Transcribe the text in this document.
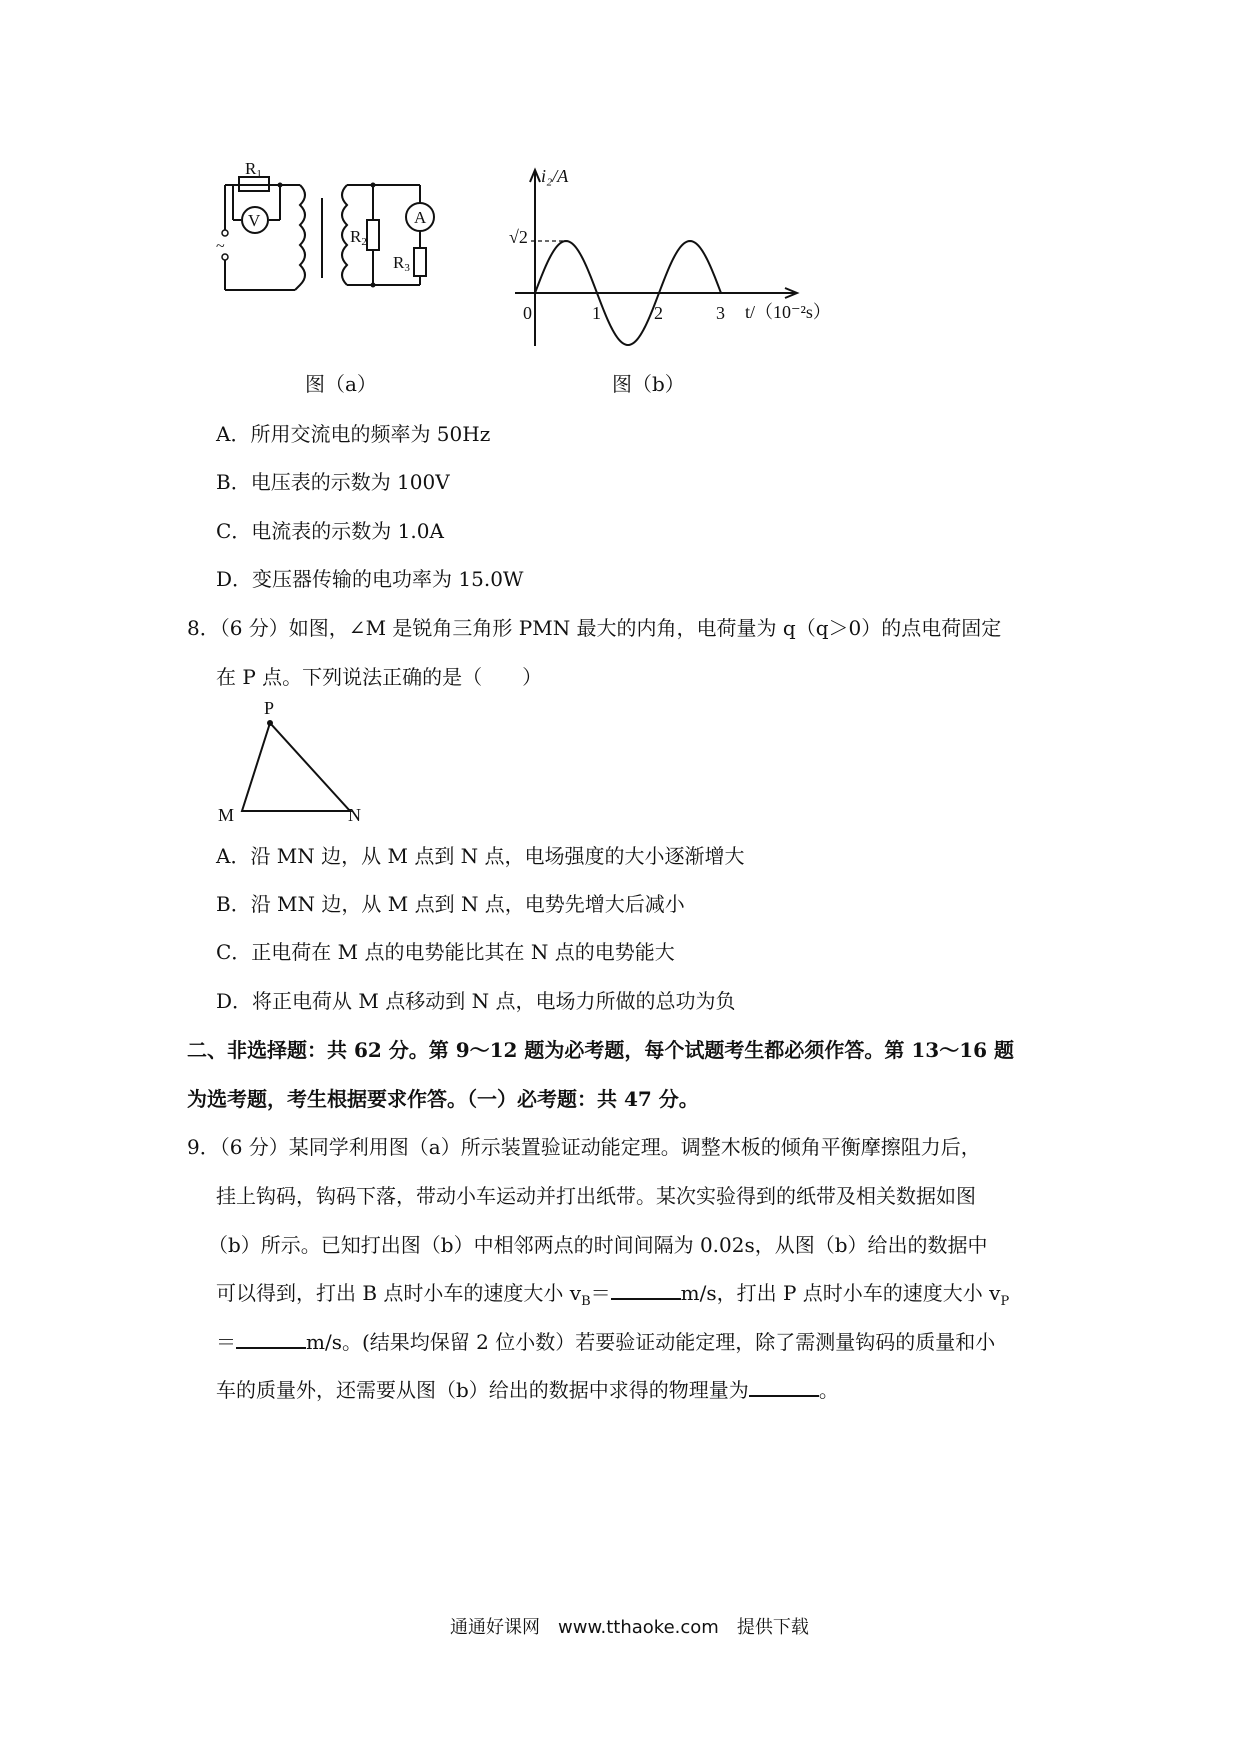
~
R1
V
R2
A
R3
图（a）
i₂/A
√2
t/（10⁻²s）
0	1	2	3
图（b）
A．所用交流电的频率为 50Hz
B．电压表的示数为 100V
C．电流表的示数为 1.0A
D．变压器传输的电功率为 15.0W
8．（6 分）如图，∠M 是锐角三角形 PMN 最大的内角，电荷量为 q（q＞0）的点电荷固定
在 P 点。下列说法正确的是（　　）
P
M	N
A．沿 MN 边，从 M 点到 N 点，电场强度的大小逐渐增大
B．沿 MN 边，从 M 点到 N 点，电势先增大后减小
C．正电荷在 M 点的电势能比其在 N 点的电势能大
D．将正电荷从 M 点移动到 N 点，电场力所做的总功为负
二、非选择题：共 62 分。第 9～12 题为必考题，每个试题考生都必须作答。第 13～16 题
为选考题，考生根据要求作答。（一）必考题：共 47 分。
9．（6 分）某同学利用图（a）所示装置验证动能定理。调整木板的倾角平衡摩擦阻力后，
挂上钩码，钩码下落，带动小车运动并打出纸带。某次实验得到的纸带及相关数据如图
（b）所示。已知打出图（b）中相邻两点的时间间隔为 0.02s，从图（b）给出的数据中
可以得到，打出 B 点时小车的速度大小 $v_B=$	m/s，打出 P 点时小车的速度大小 $v_P$
＝	m/s。(结果均保留 2 位小数）若要验证动能定理，除了需测量钩码的质量和小
车的质量外，还需要从图（b）给出的数据中求得的物理量为	。
通通好课网　www.tthaoke.com　提供下载
